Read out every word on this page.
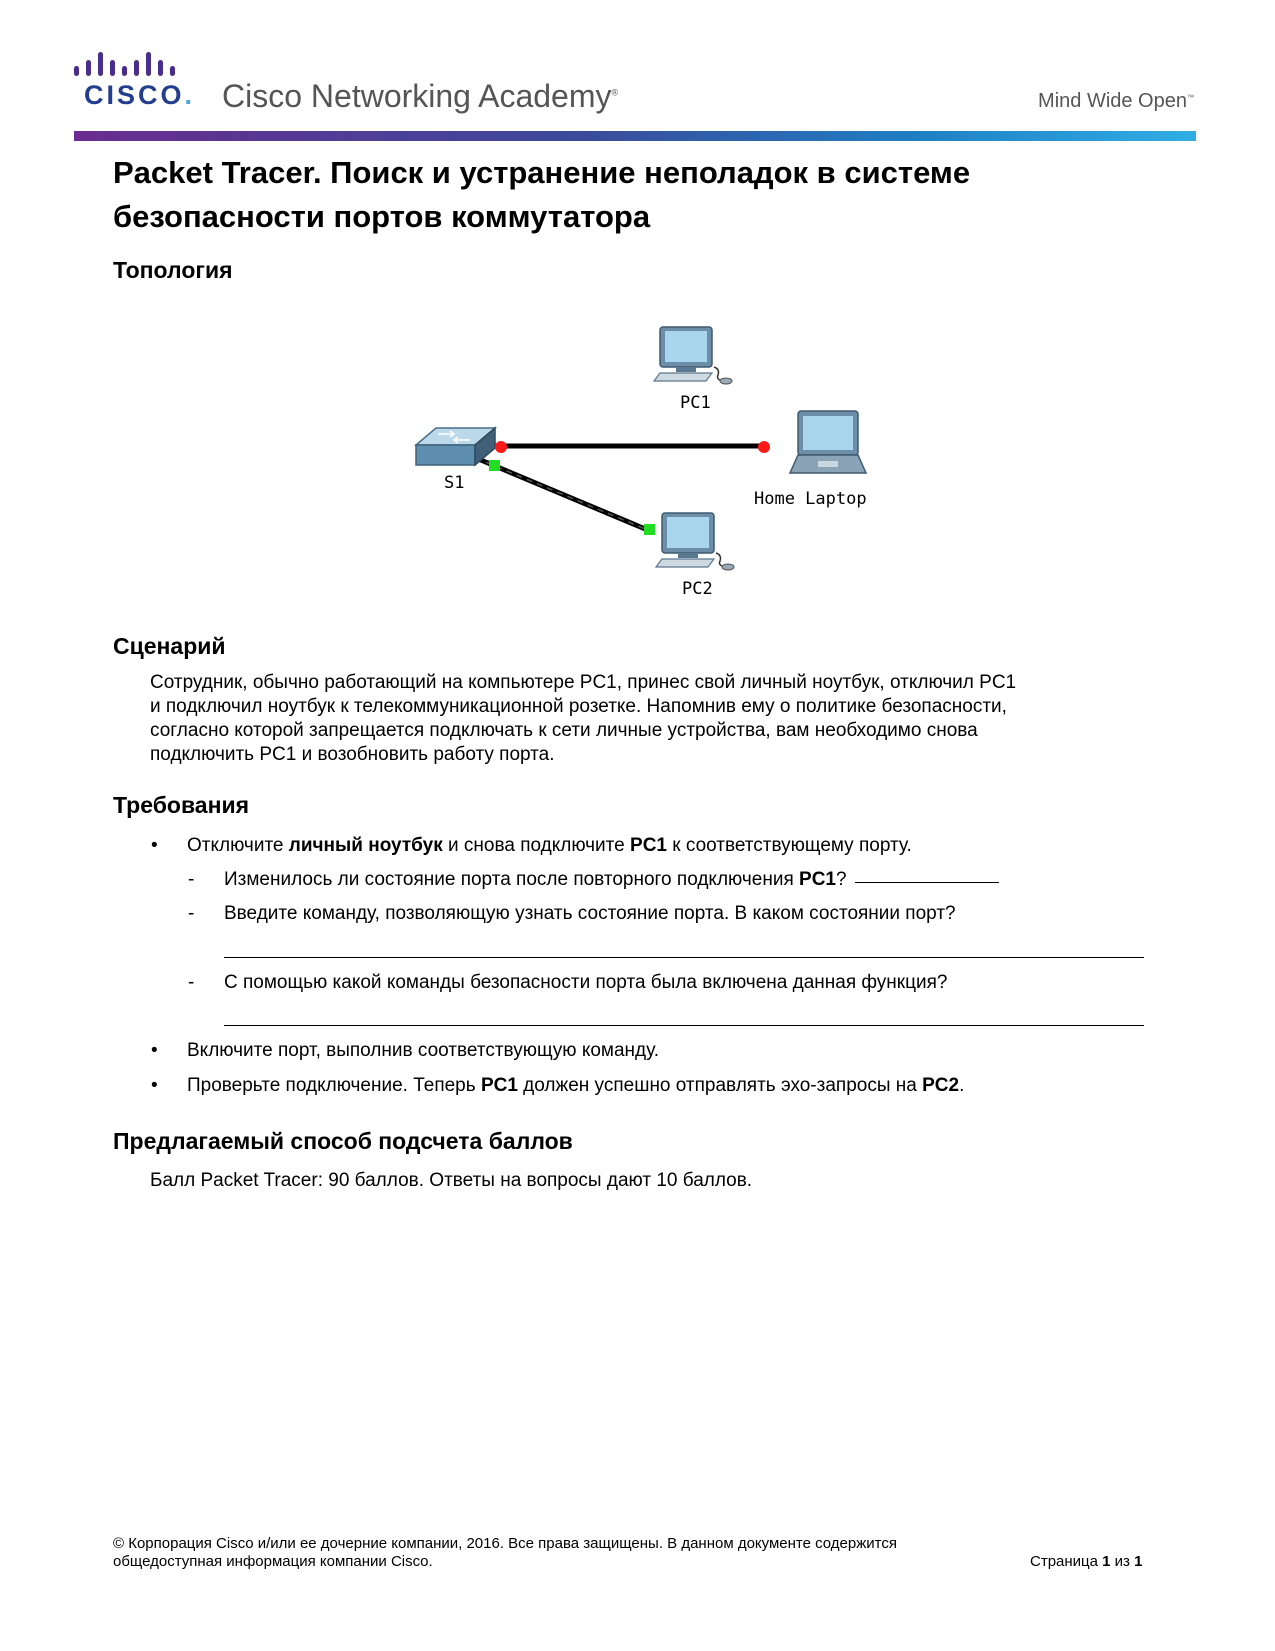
CISCO. Cisco Networking Academy®	Mind Wide Open™
Packet Tracer. Поиск и устранение неполадок в системе
безопасности портов коммутатора
Топология
PC1
S1
Home Laptop
PC2
Сценарий
Сотрудник, обычно работающий на компьютере PC1, принес свой личный ноутбук, отключил PC1
и подключил ноутбук к телекоммуникационной розетке. Напомнив ему о политике безопасности,
согласно которой запрещается подключать к сети личные устройства, вам необходимо снова
подключить PC1 и возобновить работу порта.
Требования
• Отключите личный ноутбук и снова подключите PC1 к соответствующему порту.
- Изменилось ли состояние порта после повторного подключения PC1?
- Введите команду, позволяющую узнать состояние порта. В каком состоянии порт?
- С помощью какой команды безопасности порта была включена данная функция?
• Включите порт, выполнив соответствующую команду.
• Проверьте подключение. Теперь PC1 должен успешно отправлять эхо-запросы на PC2.
Предлагаемый способ подсчета баллов
Балл Packet Tracer: 90 баллов. Ответы на вопросы дают 10 баллов.
© Корпорация Cisco и/или ее дочерние компании, 2016. Все права защищены. В данном документе содержится
общедоступная информация компании Cisco.	Страница 1 из 1
